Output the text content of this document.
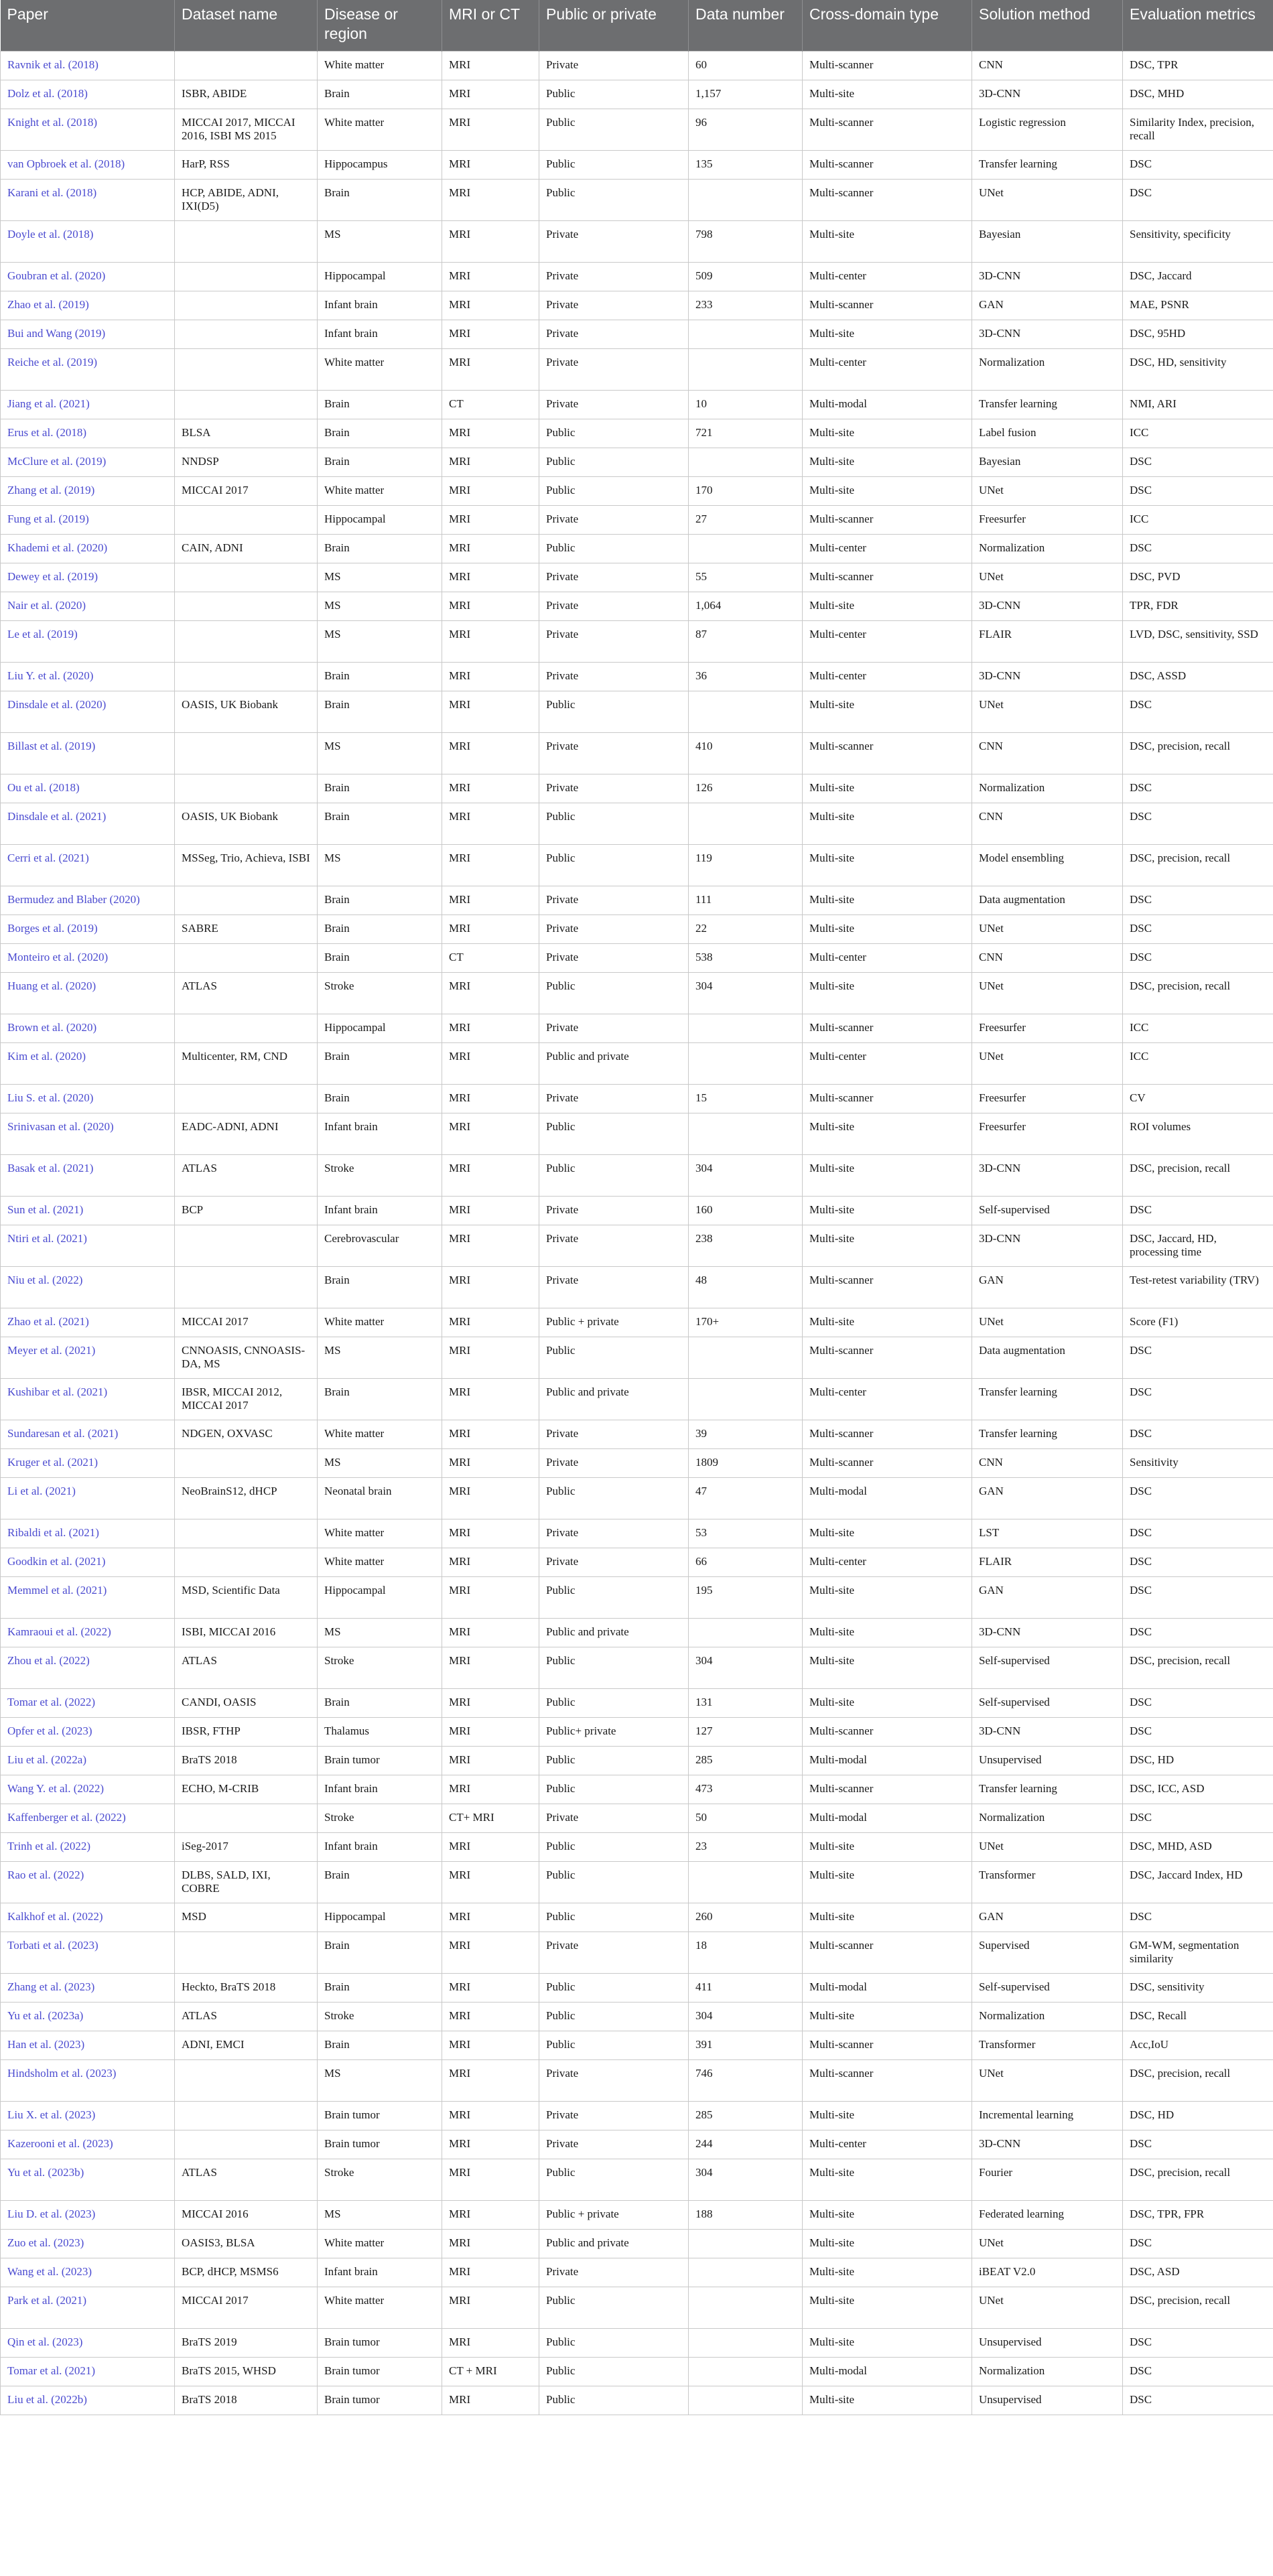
Paper	Dataset name	Disease or region	MRI or CT	Public or private	Data number	Cross-domain type	Solution method	Evaluation metrics
Ravnik et al. (2018)		White matter	MRI	Private	60	Multi-scanner	CNN	DSC, TPR
Dolz et al. (2018)	ISBR, ABIDE	Brain	MRI	Public	1,157	Multi-site	3D-CNN	DSC, MHD
Knight et al. (2018)	MICCAI 2017, MICCAI 2016, ISBI MS 2015	White matter	MRI	Public	96	Multi-scanner	Logistic regression	Similarity Index, precision, recall
van Opbroek et al. (2018)	HarP, RSS	Hippocampus	MRI	Public	135	Multi-scanner	Transfer learning	DSC
Karani et al. (2018)	HCP, ABIDE, ADNI, IXI(D5)	Brain	MRI	Public		Multi-scanner	UNet	DSC
Doyle et al. (2018)		MS	MRI	Private	798	Multi-site	Bayesian	Sensitivity, specificity
Goubran et al. (2020)		Hippocampal	MRI	Private	509	Multi-center	3D-CNN	DSC, Jaccard
Zhao et al. (2019)		Infant brain	MRI	Private	233	Multi-scanner	GAN	MAE, PSNR
Bui and Wang (2019)		Infant brain	MRI	Private		Multi-site	3D-CNN	DSC, 95HD
Reiche et al. (2019)		White matter	MRI	Private		Multi-center	Normalization	DSC, HD, sensitivity
Jiang et al. (2021)		Brain	CT	Private	10	Multi-modal	Transfer learning	NMI, ARI
Erus et al. (2018)	BLSA	Brain	MRI	Public	721	Multi-site	Label fusion	ICC
McClure et al. (2019)	NNDSP	Brain	MRI	Public		Multi-site	Bayesian	DSC
Zhang et al. (2019)	MICCAI 2017	White matter	MRI	Public	170	Multi-site	UNet	DSC
Fung et al. (2019)		Hippocampal	MRI	Private	27	Multi-scanner	Freesurfer	ICC
Khademi et al. (2020)	CAIN, ADNI	Brain	MRI	Public		Multi-center	Normalization	DSC
Dewey et al. (2019)		MS	MRI	Private	55	Multi-scanner	UNet	DSC, PVD
Nair et al. (2020)		MS	MRI	Private	1,064	Multi-site	3D-CNN	TPR, FDR
Le et al. (2019)		MS	MRI	Private	87	Multi-center	FLAIR	LVD, DSC, sensitivity, SSD
Liu Y. et al. (2020)		Brain	MRI	Private	36	Multi-center	3D-CNN	DSC, ASSD
Dinsdale et al. (2020)	OASIS, UK Biobank	Brain	MRI	Public		Multi-site	UNet	DSC
Billast et al. (2019)		MS	MRI	Private	410	Multi-scanner	CNN	DSC, precision, recall
Ou et al. (2018)		Brain	MRI	Private	126	Multi-site	Normalization	DSC
Dinsdale et al. (2021)	OASIS, UK Biobank	Brain	MRI	Public		Multi-site	CNN	DSC
Cerri et al. (2021)	MSSeg, Trio, Achieva, ISBI	MS	MRI	Public	119	Multi-site	Model ensembling	DSC, precision, recall
Bermudez and Blaber (2020)		Brain	MRI	Private	111	Multi-site	Data augmentation	DSC
Borges et al. (2019)	SABRE	Brain	MRI	Private	22	Multi-site	UNet	DSC
Monteiro et al. (2020)		Brain	CT	Private	538	Multi-center	CNN	DSC
Huang et al. (2020)	ATLAS	Stroke	MRI	Public	304	Multi-site	UNet	DSC, precision, recall
Brown et al. (2020)		Hippocampal	MRI	Private		Multi-scanner	Freesurfer	ICC
Kim et al. (2020)	Multicenter, RM, CND	Brain	MRI	Public and private		Multi-center	UNet	ICC
Liu S. et al. (2020)		Brain	MRI	Private	15	Multi-scanner	Freesurfer	CV
Srinivasan et al. (2020)	EADC-ADNI, ADNI	Infant brain	MRI	Public		Multi-site	Freesurfer	ROI volumes
Basak et al. (2021)	ATLAS	Stroke	MRI	Public	304	Multi-site	3D-CNN	DSC, precision, recall
Sun et al. (2021)	BCP	Infant brain	MRI	Private	160	Multi-site	Self-supervised	DSC
Ntiri et al. (2021)		Cerebrovascular	MRI	Private	238	Multi-site	3D-CNN	DSC, Jaccard, HD, processing time
Niu et al. (2022)		Brain	MRI	Private	48	Multi-scanner	GAN	Test-retest variability (TRV)
Zhao et al. (2021)	MICCAI 2017	White matter	MRI	Public + private	170+	Multi-site	UNet	Score (F1)
Meyer et al. (2021)	CNNOASIS, CNNOASIS-DA, MS	MS	MRI	Public		Multi-scanner	Data augmentation	DSC
Kushibar et al. (2021)	IBSR, MICCAI 2012, MICCAI 2017	Brain	MRI	Public and private		Multi-center	Transfer learning	DSC
Sundaresan et al. (2021)	NDGEN, OXVASC	White matter	MRI	Private	39	Multi-scanner	Transfer learning	DSC
Kruger et al. (2021)		MS	MRI	Private	1809	Multi-scanner	CNN	Sensitivity
Li et al. (2021)	NeoBrainS12, dHCP	Neonatal brain	MRI	Public	47	Multi-modal	GAN	DSC
Ribaldi et al. (2021)		White matter	MRI	Private	53	Multi-site	LST	DSC
Goodkin et al. (2021)		White matter	MRI	Private	66	Multi-center	FLAIR	DSC
Memmel et al. (2021)	MSD, Scientific Data	Hippocampal	MRI	Public	195	Multi-site	GAN	DSC
Kamraoui et al. (2022)	ISBI, MICCAI 2016	MS	MRI	Public and private		Multi-site	3D-CNN	DSC
Zhou et al. (2022)	ATLAS	Stroke	MRI	Public	304	Multi-site	Self-supervised	DSC, precision, recall
Tomar et al. (2022)	CANDI, OASIS	Brain	MRI	Public	131	Multi-site	Self-supervised	DSC
Opfer et al. (2023)	IBSR, FTHP	Thalamus	MRI	Public+ private	127	Multi-scanner	3D-CNN	DSC
Liu et al. (2022a)	BraTS 2018	Brain tumor	MRI	Public	285	Multi-modal	Unsupervised	DSC, HD
Wang Y. et al. (2022)	ECHO, M-CRIB	Infant brain	MRI	Public	473	Multi-scanner	Transfer learning	DSC, ICC, ASD
Kaffenberger et al. (2022)		Stroke	CT+ MRI	Private	50	Multi-modal	Normalization	DSC
Trinh et al. (2022)	iSeg-2017	Infant brain	MRI	Public	23	Multi-site	UNet	DSC, MHD, ASD
Rao et al. (2022)	DLBS, SALD, IXI, COBRE	Brain	MRI	Public		Multi-site	Transformer	DSC, Jaccard Index, HD
Kalkhof et al. (2022)	MSD	Hippocampal	MRI	Public	260	Multi-site	GAN	DSC
Torbati et al. (2023)		Brain	MRI	Private	18	Multi-scanner	Supervised	GM-WM, segmentation similarity
Zhang et al. (2023)	Heckto, BraTS 2018	Brain	MRI	Public	411	Multi-modal	Self-supervised	DSC, sensitivity
Yu et al. (2023a)	ATLAS	Stroke	MRI	Public	304	Multi-site	Normalization	DSC, Recall
Han et al. (2023)	ADNI, EMCI	Brain	MRI	Public	391	Multi-scanner	Transformer	Acc,IoU
Hindsholm et al. (2023)		MS	MRI	Private	746	Multi-scanner	UNet	DSC, precision, recall
Liu X. et al. (2023)		Brain tumor	MRI	Private	285	Multi-site	Incremental learning	DSC, HD
Kazerooni et al. (2023)		Brain tumor	MRI	Private	244	Multi-center	3D-CNN	DSC
Yu et al. (2023b)	ATLAS	Stroke	MRI	Public	304	Multi-site	Fourier	DSC, precision, recall
Liu D. et al. (2023)	MICCAI 2016	MS	MRI	Public + private	188	Multi-site	Federated learning	DSC, TPR, FPR
Zuo et al. (2023)	OASIS3, BLSA	White matter	MRI	Public and private		Multi-site	UNet	DSC
Wang et al. (2023)	BCP, dHCP, MSMS6	Infant brain	MRI	Private		Multi-site	iBEAT V2.0	DSC, ASD
Park et al. (2021)	MICCAI 2017	White matter	MRI	Public		Multi-site	UNet	DSC, precision, recall
Qin et al. (2023)	BraTS 2019	Brain tumor	MRI	Public		Multi-site	Unsupervised	DSC
Tomar et al. (2021)	BraTS 2015, WHSD	Brain tumor	CT + MRI	Public		Multi-modal	Normalization	DSC
Liu et al. (2022b)	BraTS 2018	Brain tumor	MRI	Public		Multi-site	Unsupervised	DSC
